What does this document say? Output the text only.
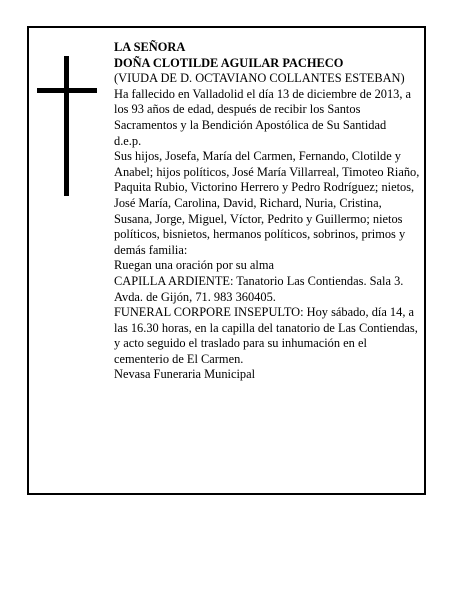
LA SEÑORA

DOÑA CLOTILDE AGUILAR PACHECO

(VIUDA DE D. OCTAVIANO COLLANTES ESTEBAN)

Ha fallecido en Valladolid el día 13 de diciembre de 2013, a los 93 años de edad, después de recibir los Santos Sacramentos y la Bendición Apostólica de Su Santidad

d.e.p.

Sus hijos, Josefa, María del Carmen, Fernando, Clotilde y Anabel; hijos políticos, José María Villarreal, Timoteo Riaño, Paquita Rubio, Victorino Herrero y Pedro Rodríguez; nietos, José María, Carolina, David, Richard, Nuria, Cristina, Susana, Jorge, Miguel, Víctor, Pedrito y Guillermo; nietos políticos, bisnietos, hermanos políticos, sobrinos, primos y demás familia:

Ruegan una oración por su alma

CAPILLA ARDIENTE: Tanatorio Las Contiendas. Sala 3. Avda. de Gijón, 71. 983 360405.

FUNERAL CORPORE INSEPULTO: Hoy sábado, día 14, a las 16.30 horas, en la capilla del tanatorio de Las Contiendas, y acto seguido el traslado para su inhumación en el cementerio de El Carmen.

Nevasa Funeraria Municipal
